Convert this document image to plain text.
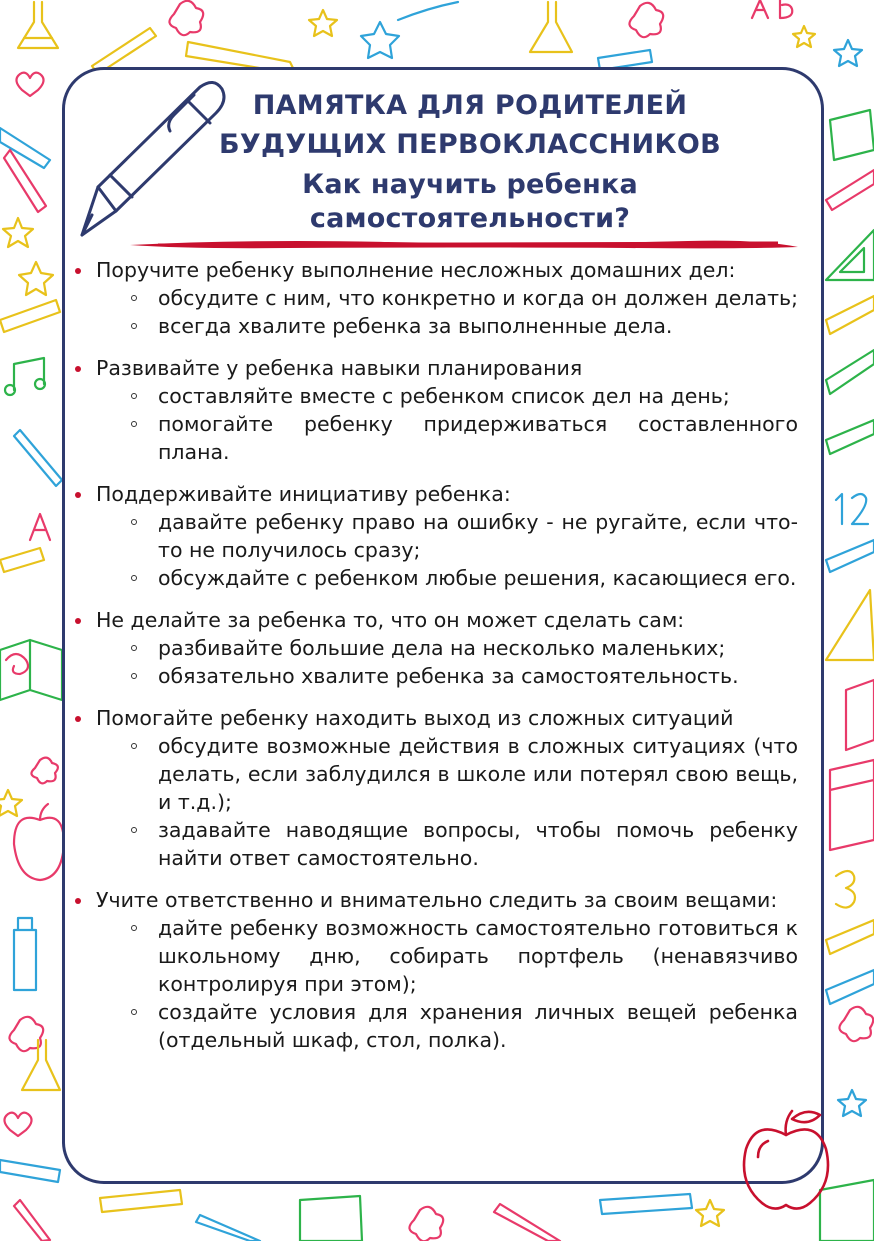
ПАМЯТКА ДЛЯ РОДИТЕЛЕЙ
БУДУЩИХ ПЕРВОКЛАССНИКОВ
Как научить ребенка
самостоятельности?
Поручите ребенку выполнение несложных домашних дел:
обсудите с ним, что конкретно и когда он должен делать;
всегда хвалите ребенка за выполненные дела.
Развивайте у ребенка навыки планирования
составляйте вместе с ребенком список дел на день;
помогайте ребенку придерживаться составленного плана.
Поддерживайте инициативу ребенка:
давайте ребенку право на ошибку - не ругайте, если что-то не получилось сразу;
обсуждайте с ребенком любые решения, касающиеся его.
Не делайте за ребенка то, что он может сделать сам:
разбивайте большие дела на несколько маленьких;
обязательно хвалите ребенка за самостоятельность.
Помогайте ребенку находить выход из сложных ситуаций
обсудите возможные действия в сложных ситуациях (что делать, если заблудился в школе или потерял свою вещь, и т.д.);
задавайте наводящие вопросы, чтобы помочь ребенку найти ответ самостоятельно.
Учите ответственно и внимательно следить за своим вещами:
дайте ребенку возможность самостоятельно готовиться к школьному дню, собирать портфель (ненавязчиво контролируя при этом);
создайте условия для хранения личных вещей ребенка (отдельный шкаф, стол, полка).
